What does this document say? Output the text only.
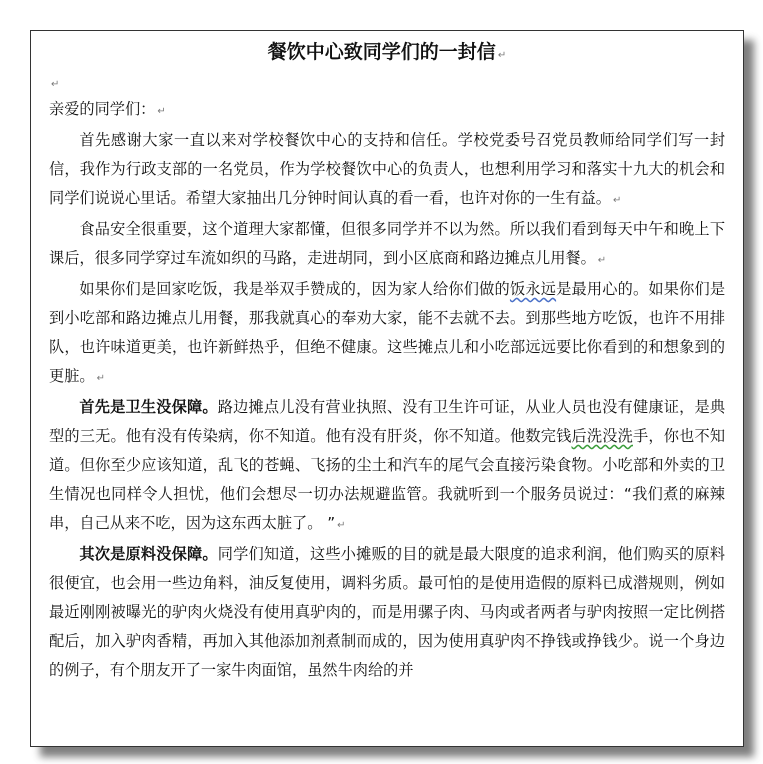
餐饮中心致同学们的一封信 ↵
↵

亲爱的同学们： ↵

首先感谢大家一直以来对学校餐饮中心的支持和信任。学校党委号召党员教师给同学们写一封信，我作为行政支部的一名党员，作为学校餐饮中心的负责人，也想利用学习和落实十九大的机会和同学们说说心里话。希望大家抽出几分钟时间认真的看一看，也许对你的一生有益。 ↵

食品安全很重要，这个道理大家都懂，但很多同学并不以为然。所以我们看到每天中午和晚上下课后，很多同学穿过车流如织的马路，走进胡同，到小区底商和路边摊点儿用餐。 ↵

如果你们是回家吃饭，我是举双手赞成的，因为家人给你们做的饭永远是最用心的。如果你们是到小吃部和路边摊点儿用餐，那我就真心的奉劝大家，能不去就不去。到那些地方吃饭，也许不用排队，也许味道更美，也许新鲜热乎，但绝不健康。这些摊点儿和小吃部远远要比你看到的和想象到的更脏。 ↵

首先是卫生没保障。路边摊点儿没有营业执照、没有卫生许可证，从业人员也没有健康证，是典型的三无。他有没有传染病，你不知道。他有没有肝炎，你不知道。他数完钱后洗没洗手，你也不知道。但你至少应该知道，乱飞的苍蝇、飞扬的尘土和汽车的尾气会直接污染食物。小吃部和外卖的卫生情况也同样令人担忧，他们会想尽一切办法规避监管。我就听到一个服务员说过：“我们煮的麻辣串，自己从来不吃，因为这东西太脏了。 ” ↵

其次是原料没保障。同学们知道，这些小摊贩的目的就是最大限度的追求利润，他们购买的原料很便宜，也会用一些边角料，油反复使用，调料劣质。最可怕的是使用造假的原料已成潜规则，例如最近刚刚被曝光的驴肉火烧没有使用真驴肉的，而是用骡子肉、马肉或者两者与驴肉按照一定比例搭配后，加入驴肉香精，再加入其他添加剂煮制而成的，因为使用真驴肉不挣钱或挣钱少。说一个身边的例子，有个朋友开了一家牛肉面馆，虽然牛肉给的并
